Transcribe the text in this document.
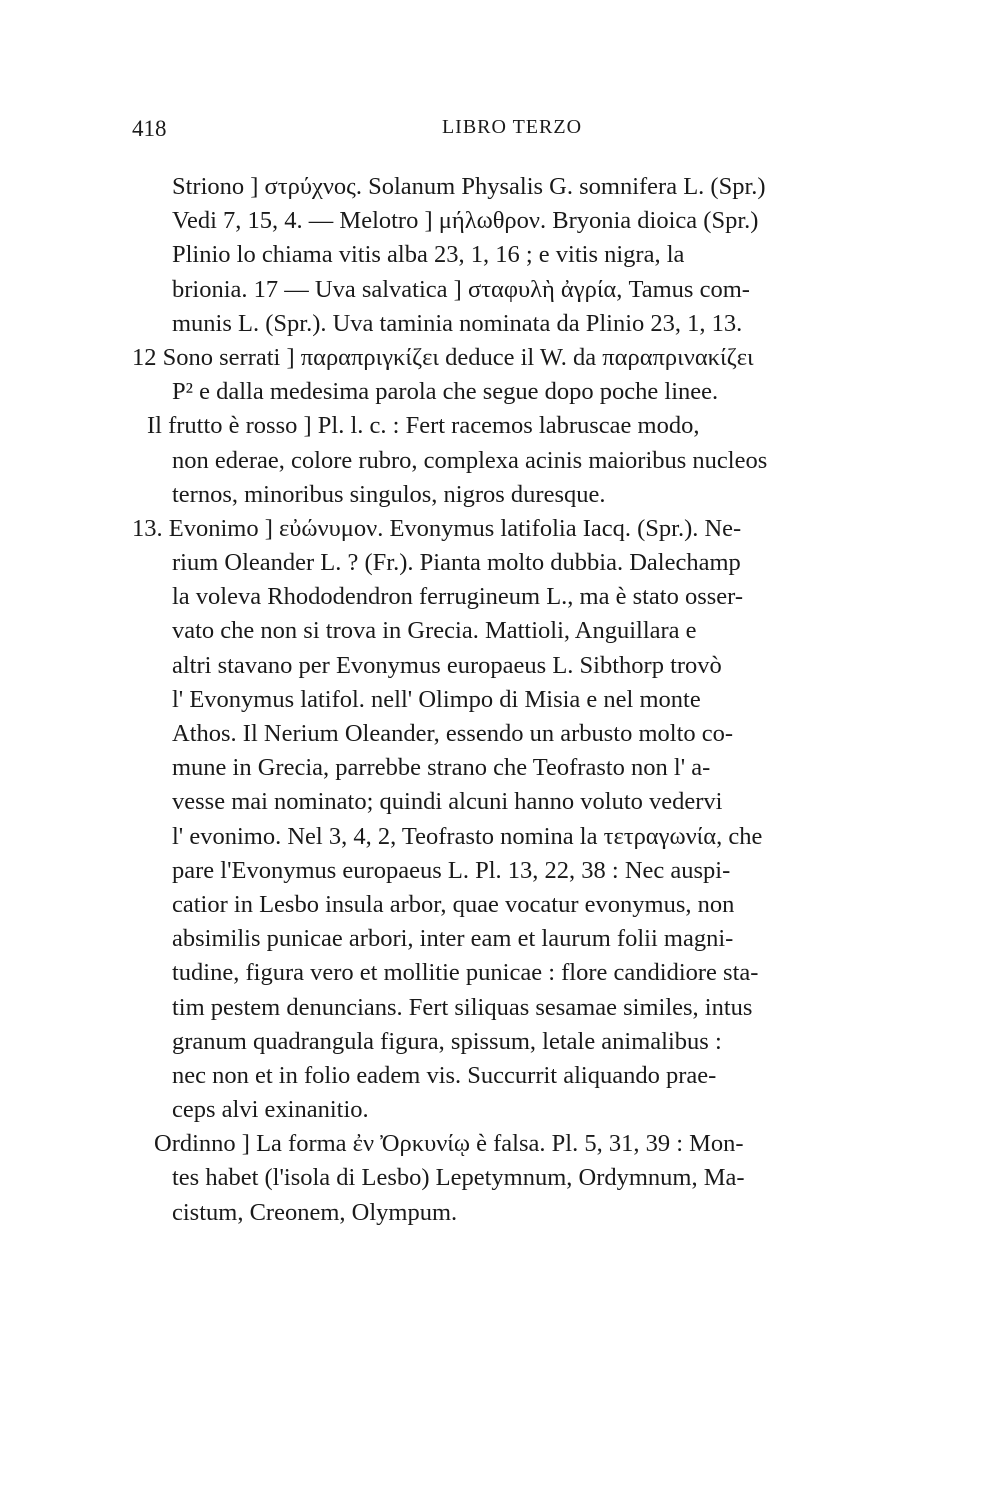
418	LIBRO TERZO
Striono ] στρύχνος. Solanum Physalis G. somnifera L. (Spr.)
Vedi 7, 15, 4. — Melotro ] μήλωθρον. Bryonia dioica (Spr.)
Plinio lo chiama vitis alba 23, 1, 16 ; e vitis nigra, la
brionia. 17 — Uva salvatica ] σταφυλὴ ἀγρία, Tamus com-
munis L. (Spr.). Uva taminia nominata da Plinio 23, 1, 13.
12 Sono serrati ] παραπριγκίζει deduce il W. da παραπρινακίζει
P² e dalla medesima parola che segue dopo poche linee.
Il frutto è rosso ] Pl. l. c. : Fert racemos labruscae modo,
non ederae, colore rubro, complexa acinis maioribus nucleos
ternos, minoribus singulos, nigros duresque.
13. Evonimo ] εὐώνυμον. Evonymus latifolia Iacq. (Spr.). Ne-
rium Oleander L. ? (Fr.). Pianta molto dubbia. Dalechamp
la voleva Rhododendron ferrugineum L., ma è stato osser-
vato che non si trova in Grecia. Mattioli, Anguillara e
altri stavano per Evonymus europaeus L. Sibthorp trovò
l' Evonymus latifol. nell' Olimpo di Misia e nel monte
Athos. Il Nerium Oleander, essendo un arbusto molto co-
mune in Grecia, parrebbe strano che Teofrasto non l' a-
vesse mai nominato; quindi alcuni hanno voluto vedervi
l' evonimo. Nel 3, 4, 2, Teofrasto nomina la τετραγωνία, che
pare l'Evonymus europaeus L. Pl. 13, 22, 38 : Nec auspi-
catior in Lesbo insula arbor, quae vocatur evonymus, non
absimilis punicae arbori, inter eam et laurum folii magni-
tudine, figura vero et mollitie punicae : flore candidiore sta-
tim pestem denuncians. Fert siliquas sesamae similes, intus
granum quadrangula figura, spissum, letale animalibus :
nec non et in folio eadem vis. Succurrit aliquando prae-
ceps alvi exinanitio.
Ordinno ] La forma ἐν Ὀρκυνίῳ è falsa. Pl. 5, 31, 39 : Mon-
tes habet (l'isola di Lesbo) Lepetymnum, Ordymnum, Ma-
cistum, Creonem, Olympum.
